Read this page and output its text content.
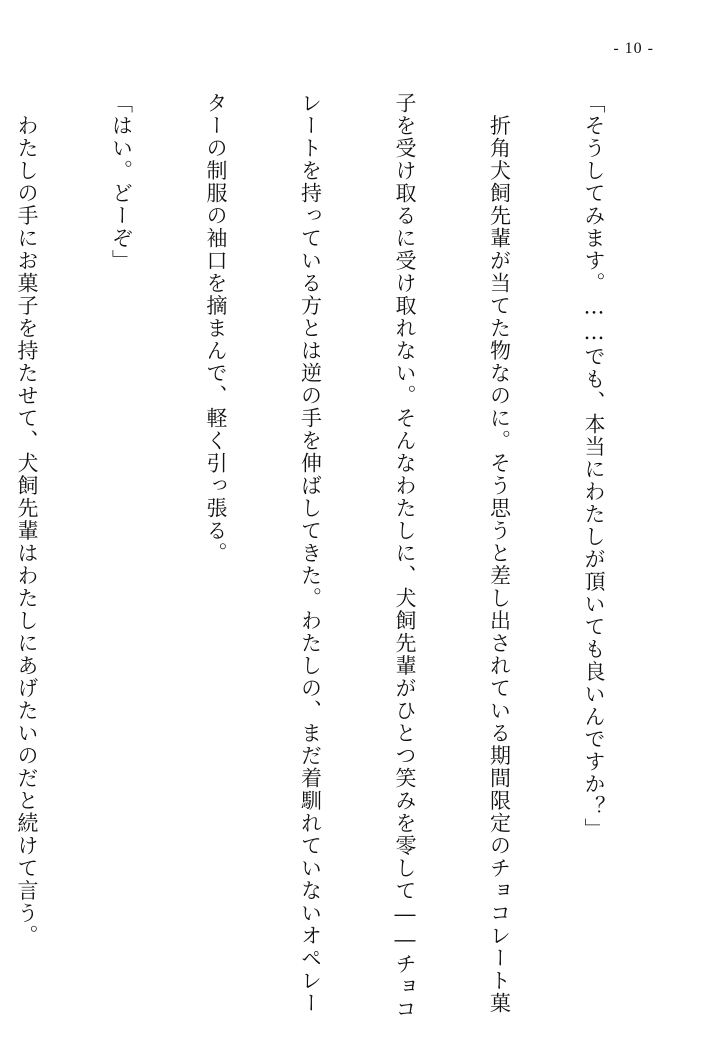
- 10 -

「そうしてみます。……でも、本当にわたしが頂いても良いんですか？」

　折角犬飼先輩が当てた物なのに。そう思うと差し出されている期間限定のチョコレート菓

子を受け取るに受け取れない。そんなわたしに、犬飼先輩がひとつ笑みを零して――チョコ

レートを持っている方とは逆の手を伸ばしてきた。わたしの、まだ着馴れていないオペレー

ターの制服の袖口を摘まんで、軽く引っ張る。

「はい。どーぞ」

　わたしの手にお菓子を持たせて、犬飼先輩はわたしにあげたいのだと続けて言う。
